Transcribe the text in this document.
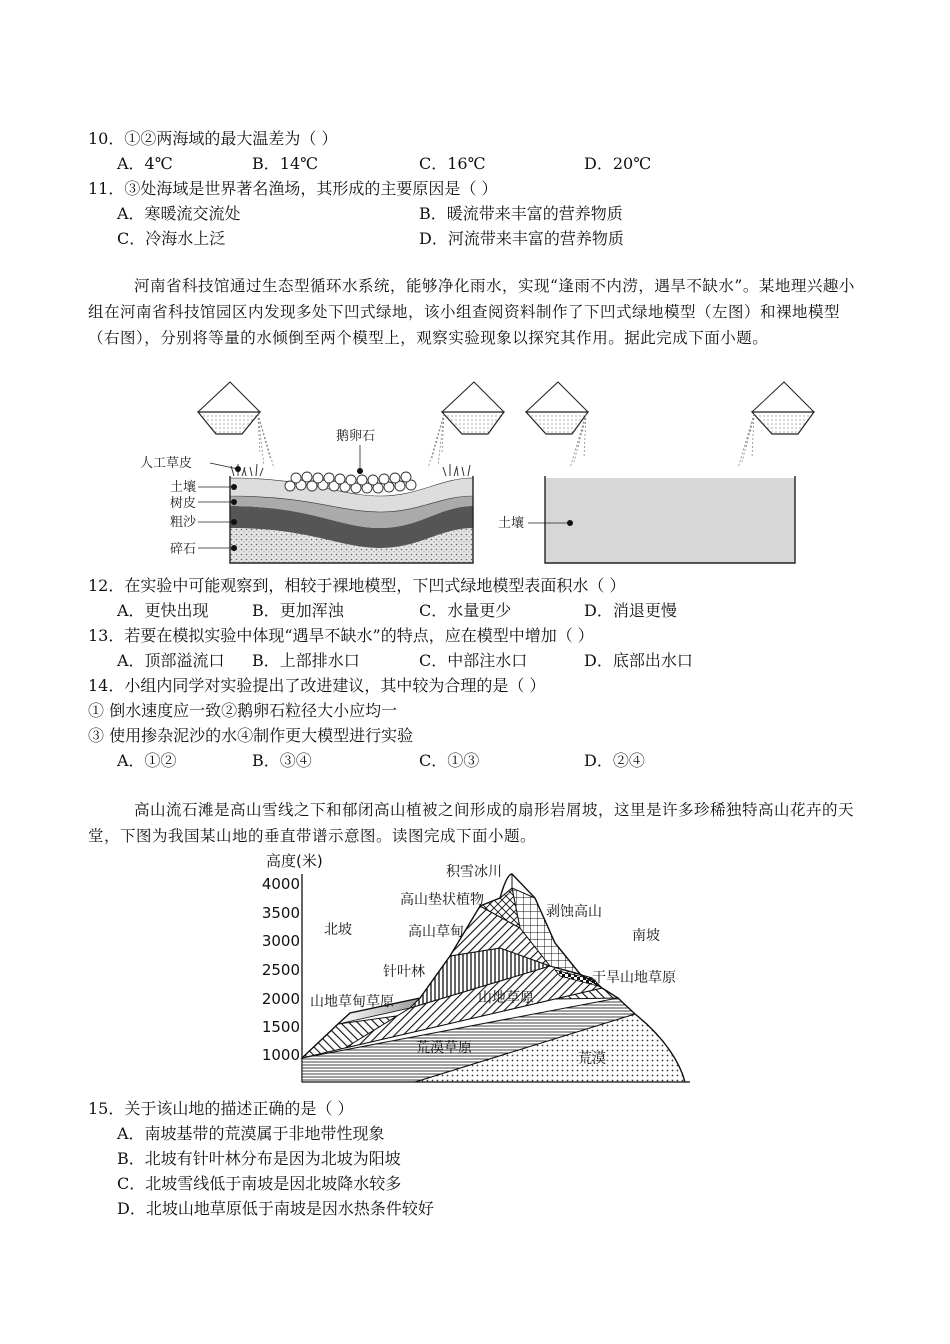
10．①②两海域的最大温差为（ ）
A．4℃	B．14℃	C．16℃	D．20℃
11．③处海域是世界著名渔场，其形成的主要原因是（ ）
A．寒暖流交流处	B．暖流带来丰富的营养物质
C．冷海水上泛	D．河流带来丰富的营养物质

河南省科技馆通过生态型循环水系统，能够净化雨水，实现“逢雨不内涝，遇旱不缺水”。某地理兴趣小组在河南省科技馆园区内发现多处下凹式绿地，该小组查阅资料制作了下凹式绿地模型（左图）和裸地模型（右图），分别将等量的水倾倒至两个模型上，观察实验现象以探究其作用。据此完成下面小题。

人工草皮
鹅卵石
土壤
树皮
粗沙
碎石
土壤
12．在实验中可能观察到，相较于裸地模型，下凹式绿地模型表面积水（ ）
A．更快出现	B．更加浑浊	C．水量更少	D．消退更慢
13．若要在模拟实验中体现“遇旱不缺水”的特点，应在模型中增加（ ）
A．顶部溢流口 B．上部排水口	C．中部注水口	D．底部出水口
14．小组内同学对实验提出了改进建议，其中较为合理的是（ ）
① 倒水速度应一致②鹅卵石粒径大小应均一
③ 使用掺杂泥沙的水④制作更大模型进行实验
A．①②	B．③④	C．①③	D．②④

高山流石滩是高山雪线之下和郁闭高山植被之间形成的扇形岩屑坡，这里是许多珍稀独特高山花卉的天堂，下图为我国某山地的垂直带谱示意图。读图完成下面小题。

高度(米)
4000
3500
3000
2500
2000
1500
1000
北坡	南坡
积雪冰川
高山垫状植物
剥蚀高山
高山草甸
针叶林
山地草甸草原	山地草原
干旱山地草原
荒漠草原
荒漠
15．关于该山地的描述正确的是（ ）
A．南坡基带的荒漠属于非地带性现象
B．北坡有针叶林分布是因为北坡为阳坡
C．北坡雪线低于南坡是因北坡降水较多
D．北坡山地草原低于南坡是因水热条件较好
